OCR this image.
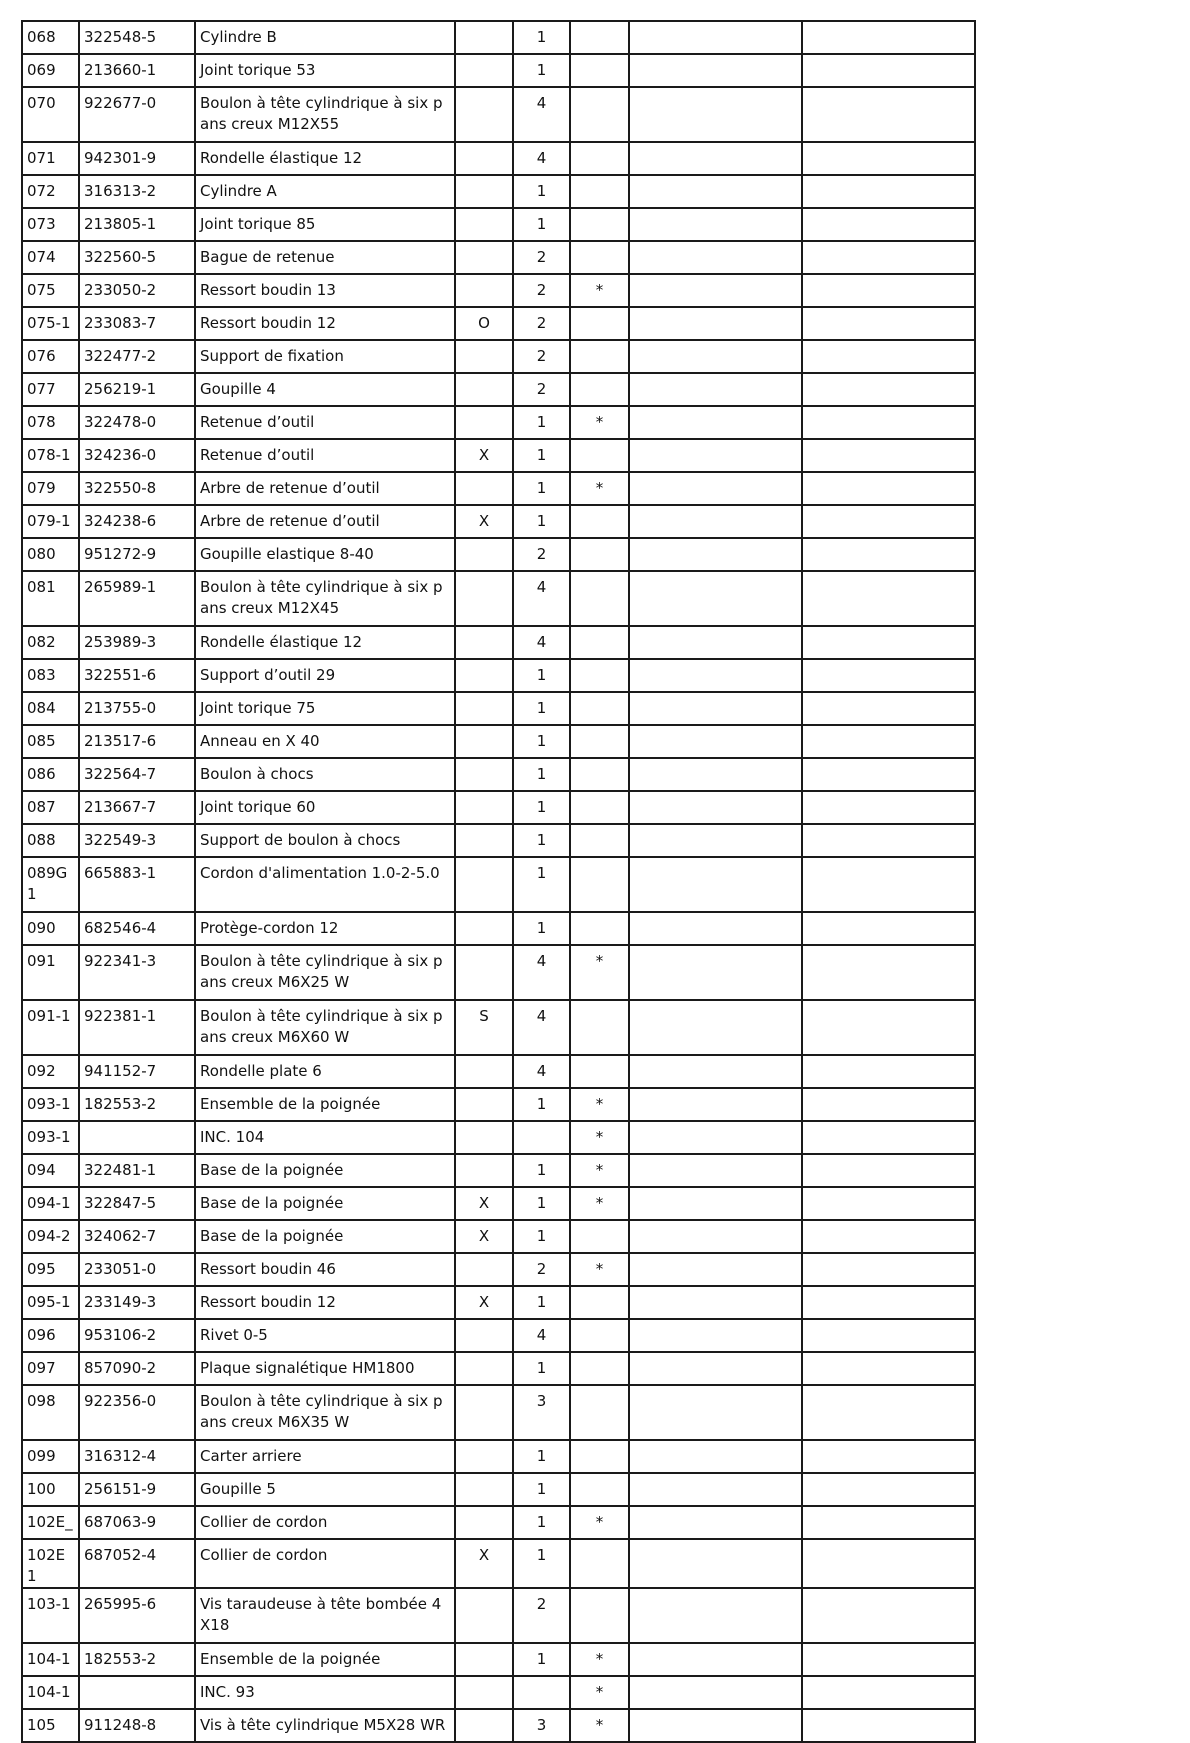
068	322548-5	Cylindre B		1			
069	213660-1	Joint torique 53		1			
070	922677-0	Boulon à tête cylindrique à six pans creux M12X55		4			
071	942301-9	Rondelle élastique 12		4			
072	316313-2	Cylindre A		1			
073	213805-1	Joint torique 85		1			
074	322560-5	Bague de retenue		2			
075	233050-2	Ressort boudin 13		2	*		
075-1	233083-7	Ressort boudin 12	O	2			
076	322477-2	Support de fixation		2			
077	256219-1	Goupille 4		2			
078	322478-0	Retenue d’outil		1	*		
078-1	324236-0	Retenue d’outil	X	1			
079	322550-8	Arbre de retenue d’outil		1	*		
079-1	324238-6	Arbre de retenue d’outil	X	1			
080	951272-9	Goupille elastique 8-40		2			
081	265989-1	Boulon à tête cylindrique à six pans creux M12X45		4			
082	253989-3	Rondelle élastique 12		4			
083	322551-6	Support d’outil 29		1			
084	213755-0	Joint torique 75		1			
085	213517-6	Anneau en X 40		1			
086	322564-7	Boulon à chocs		1			
087	213667-7	Joint torique 60		1			
088	322549-3	Support de boulon à chocs		1			
089G1	665883-1	Cordon d'alimentation 1.0-2-5.0		1			
090	682546-4	Protège-cordon 12		1			
091	922341-3	Boulon à tête cylindrique à six pans creux M6X25 W		4	*		
091-1	922381-1	Boulon à tête cylindrique à six pans creux M6X60 W	S	4			
092	941152-7	Rondelle plate 6		4			
093-1	182553-2	Ensemble de la poignée		1	*		
093-1		INC. 104			*		
094	322481-1	Base de la poignée		1	*		
094-1	322847-5	Base de la poignée	X	1	*		
094-2	324062-7	Base de la poignée	X	1			
095	233051-0	Ressort boudin 46		2	*		
095-1	233149-3	Ressort boudin 12	X	1			
096	953106-2	Rivet 0-5		4			
097	857090-2	Plaque signalétique HM1800		1			
098	922356-0	Boulon à tête cylindrique à six pans creux M6X35 W		3			
099	316312-4	Carter arriere		1			
100	256151-9	Goupille 5		1			
102E_	687063-9	Collier de cordon		1	*		
102E1	687052-4	Collier de cordon	X	1			
103-1	265995-6	Vis taraudeuse à tête bombée 4X18		2			
104-1	182553-2	Ensemble de la poignée		1	*		
104-1		INC. 93			*		
105	911248-8	Vis à tête cylindrique M5X28 WR		3	*		
